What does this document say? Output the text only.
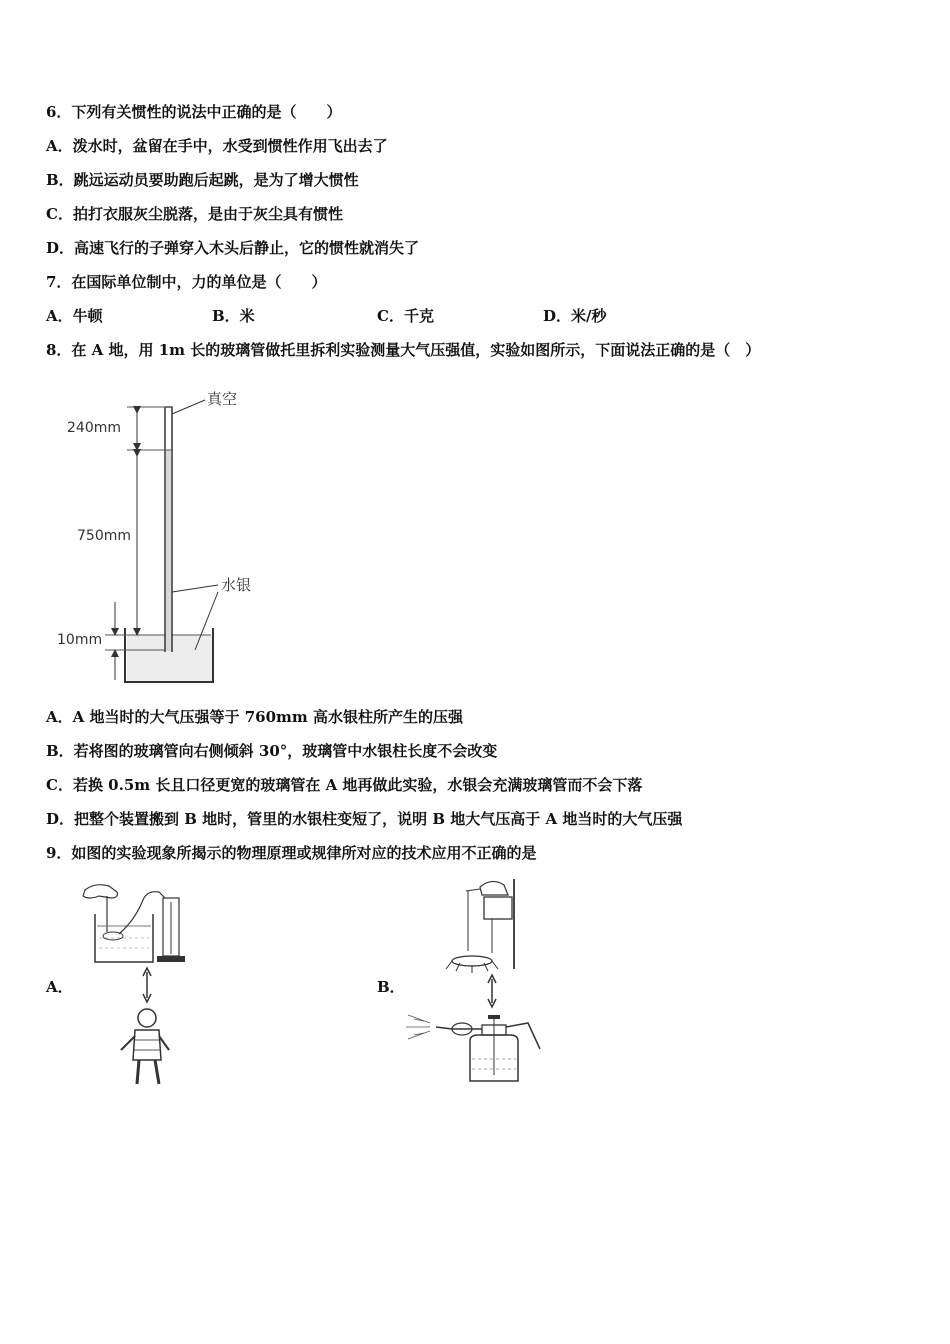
6．下列有关惯性的说法中正确的是（　　）
A．泼水时，盆留在手中，水受到惯性作用飞出去了
B．跳远运动员要助跑后起跳，是为了增大惯性
C．拍打衣服灰尘脱落，是由于灰尘具有惯性
D．高速飞行的子弹穿入木头后静止，它的惯性就消失了
7．在国际单位制中，力的单位是（　　）
A．牛顿	B．米	C．千克	D．米/秒
8．在 A 地，用 1m 长的玻璃管做托里拆利实验测量大气压强值，实验如图所示，下面说法正确的是（　）
240mm
750mm
10mm
真空
水银
A．A 地当时的大气压强等于 760mm 高水银柱所产生的压强
B．若将图的玻璃管向右侧倾斜 30°，玻璃管中水银柱长度不会改变
C．若换 0.5m 长且口径更宽的玻璃管在 A 地再做此实验，水银会充满玻璃管而不会下落
D．把整个装置搬到 B 地时，管里的水银柱变短了，说明 B 地大气压高于 A 地当时的大气压强
9．如图的实验现象所揭示的物理原理或规律所对应的技术应用不正确的是
A．	B．
